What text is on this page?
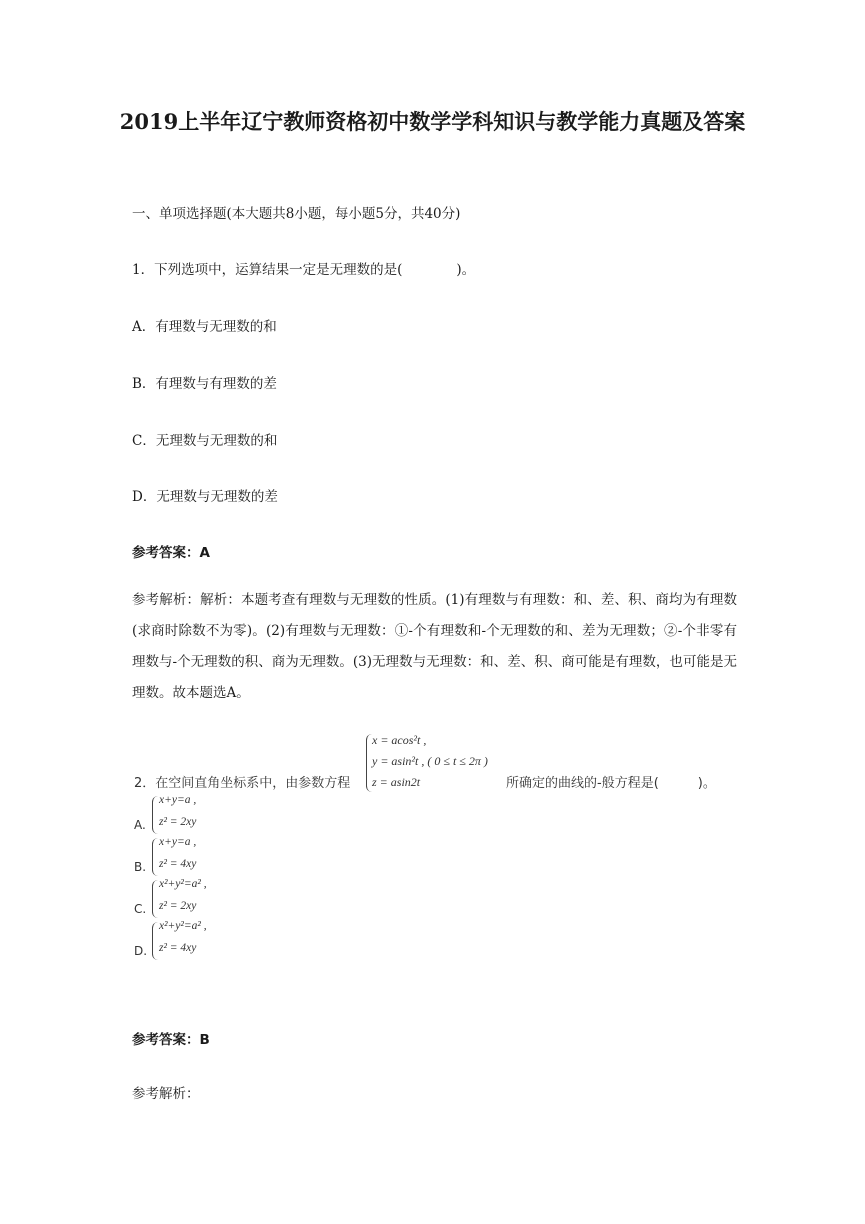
2019上半年辽宁教师资格初中数学学科知识与教学能力真题及答案

一、单项选择题(本大题共8小题，每小题5分，共40分)

1．下列选项中，运算结果一定是无理数的是(　　　　)。

A．有理数与无理数的和

B．有理数与有理数的差

C．无理数与无理数的和

D．无理数与无理数的差

参考答案：A

参考解析：解析：本题考查有理数与无理数的性质。(1)有理数与有理数：和、差、积、商均为有理数(求商时除数不为零)。(2)有理数与无理数：①-个有理数和-个无理数的和、差为无理数；②-个非零有理数与-个无理数的积、商为无理数。(3)无理数与无理数：和、差、积、商可能是有理数，也可能是无理数。故本题选A。

2．在空间直角坐标系中，由参数方程
x = acos²t ,
y = asin²t , ( 0 ≤ t ≤ 2π )
z = asin2t	所确定的曲线的-般方程是(　　　)。
A.
x+y=a ,
z² = 2xy
B.
x+y=a ,
z² = 4xy
C.
x²+y²=a² ,
z² = 2xy
D.
x²+y²=a² ,
z² = 4xy

参考答案：B

参考解析：
